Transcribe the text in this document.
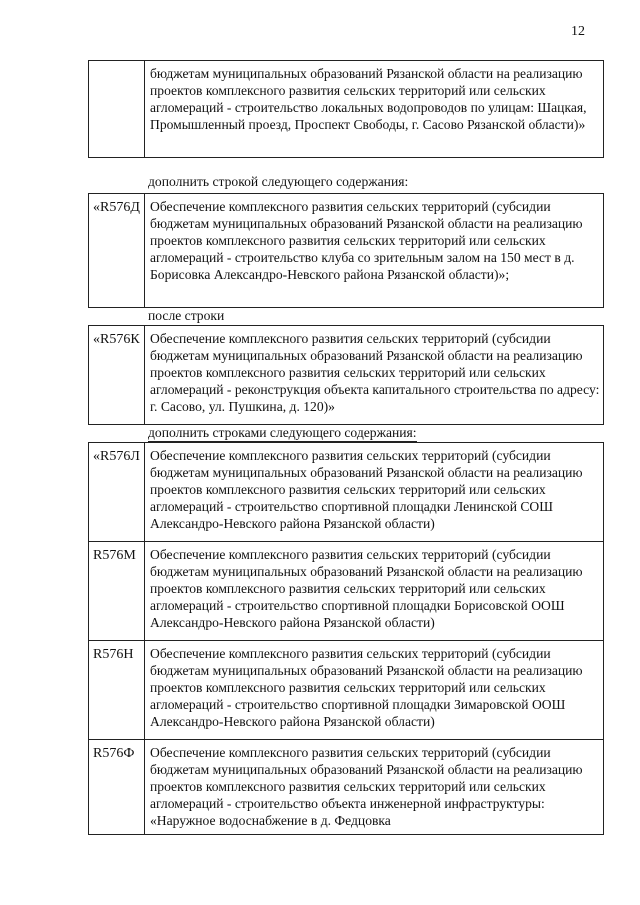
12
бюджетам муниципальных образований Рязанской области на реализацию проектов комплексного развития сельских территорий или сельских агломераций - строительство локальных водопроводов по улицам: Шацкая, Промышленный проезд, Проспект Свободы, г. Сасово Рязанской области)»
дополнить строкой следующего содержания:
«R576Д Обеспечение комплексного развития сельских территорий (субсидии бюджетам муниципальных образований Рязанской области на реализацию проектов комплексного развития сельских территорий или сельских агломераций - строительство клуба со зрительным залом на 150 мест в д. Борисовка Александро-Невского района Рязанской области)»;
после строки
«R576К Обеспечение комплексного развития сельских территорий (субсидии бюджетам муниципальных образований Рязанской области на реализацию проектов комплексного развития сельских территорий или сельских агломераций - реконструкция объекта капитального строительства по адресу: г. Сасово, ул. Пушкина, д. 120)»
дополнить строками следующего содержания:
«R576Л Обеспечение комплексного развития сельских территорий (субсидии бюджетам муниципальных образований Рязанской области на реализацию проектов комплексного развития сельских территорий или сельских агломераций - строительство спортивной площадки Ленинской СОШ Александро-Невского района Рязанской области)
R576М	Обеспечение комплексного развития сельских территорий (субсидии бюджетам муниципальных образований Рязанской области на реализацию проектов комплексного развития сельских территорий или сельских агломераций - строительство спортивной площадки Борисовской ООШ Александро-Невского района Рязанской области)
R576Н	Обеспечение комплексного развития сельских территорий (субсидии бюджетам муниципальных образований Рязанской области на реализацию проектов комплексного развития сельских территорий или сельских агломераций - строительство спортивной площадки Зимаровской ООШ Александро-Невского района Рязанской области)
R576Ф	Обеспечение комплексного развития сельских территорий (субсидии бюджетам муниципальных образований Рязанской области на реализацию проектов комплексного развития сельских территорий или сельских агломераций - строительство объекта инженерной инфраструктуры: «Наружное водоснабжение в д. Федцовка
